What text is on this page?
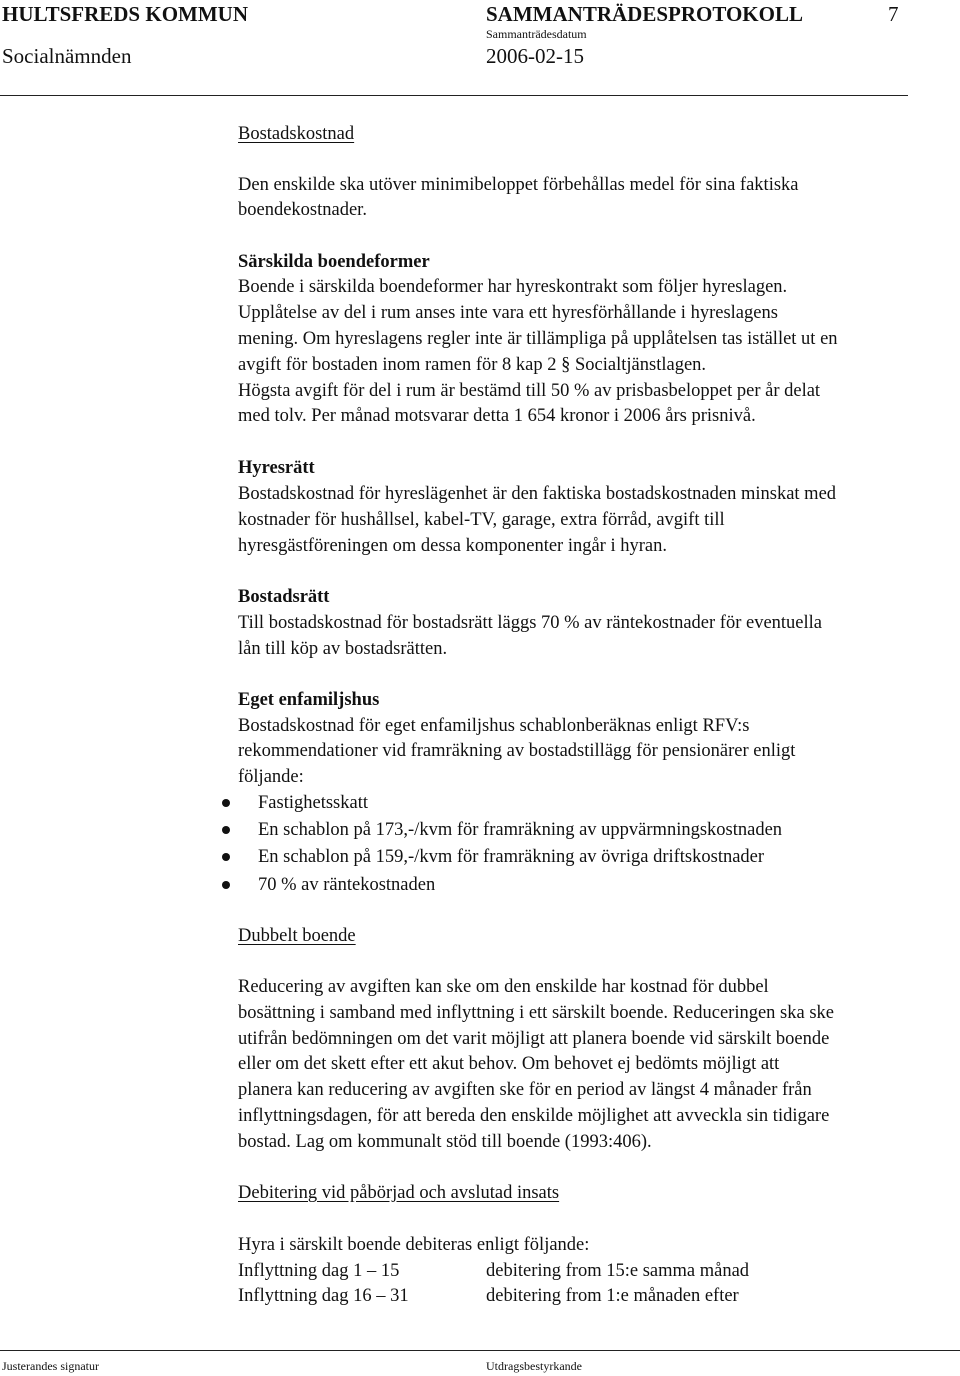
HULTSFREDS KOMMUN	SAMMANTRÄDESPROTOKOLL	7
Sammanträdesdatum
Socialnämnden	2006-02-15
Bostadskostnad
Den enskilde ska utöver minimibeloppet förbehållas medel för sina faktiska
boendekostnader.
Särskilda boendeformer
Boende i särskilda boendeformer har hyreskontrakt som följer hyreslagen.
Upplåtelse av del i rum anses inte vara ett hyresförhållande i hyreslagens
mening. Om hyreslagens regler inte är tillämpliga på upplåtelsen tas istället ut en
avgift för bostaden inom ramen för 8 kap 2 § Socialtjänstlagen.
Högsta avgift för del i rum är bestämd till 50 % av prisbasbeloppet per år delat
med tolv. Per månad motsvarar detta 1 654 kronor i 2006 års prisnivå.
Hyresrätt
Bostadskostnad för hyreslägenhet är den faktiska bostadskostnaden minskat med
kostnader för hushållsel, kabel-TV, garage, extra förråd, avgift till
hyresgästföreningen om dessa komponenter ingår i hyran.
Bostadsrätt
Till bostadskostnad för bostadsrätt läggs 70 % av räntekostnader för eventuella
lån till köp av bostadsrätten.
Eget enfamiljshus
Bostadskostnad för eget enfamiljshus schablonberäknas enligt RFV:s
rekommendationer vid framräkning av bostadstillägg för pensionärer enligt
följande:
Fastighetsskatt
En schablon på 173,-/kvm för framräkning av uppvärmningskostnaden
En schablon på 159,-/kvm för framräkning av övriga driftskostnader
70 % av räntekostnaden
Dubbelt boende
Reducering av avgiften kan ske om den enskilde har kostnad för dubbel
bosättning i samband med inflyttning i ett särskilt boende. Reduceringen ska ske
utifrån bedömningen om det varit möjligt att planera boende vid särskilt boende
eller om det skett efter ett akut behov. Om behovet ej bedömts möjligt att
planera kan reducering av avgiften ske för en period av längst 4 månader från
inflyttningsdagen, för att bereda den enskilde möjlighet att avveckla sin tidigare
bostad. Lag om kommunalt stöd till boende (1993:406).
Debitering vid påbörjad och avslutad insats
Hyra i särskilt boende debiteras enligt följande:
Inflyttning dag 1 – 15	debitering from 15:e samma månad
Inflyttning dag 16 – 31	debitering from 1:e månaden efter
Justerandes signatur	Utdragsbestyrkande
